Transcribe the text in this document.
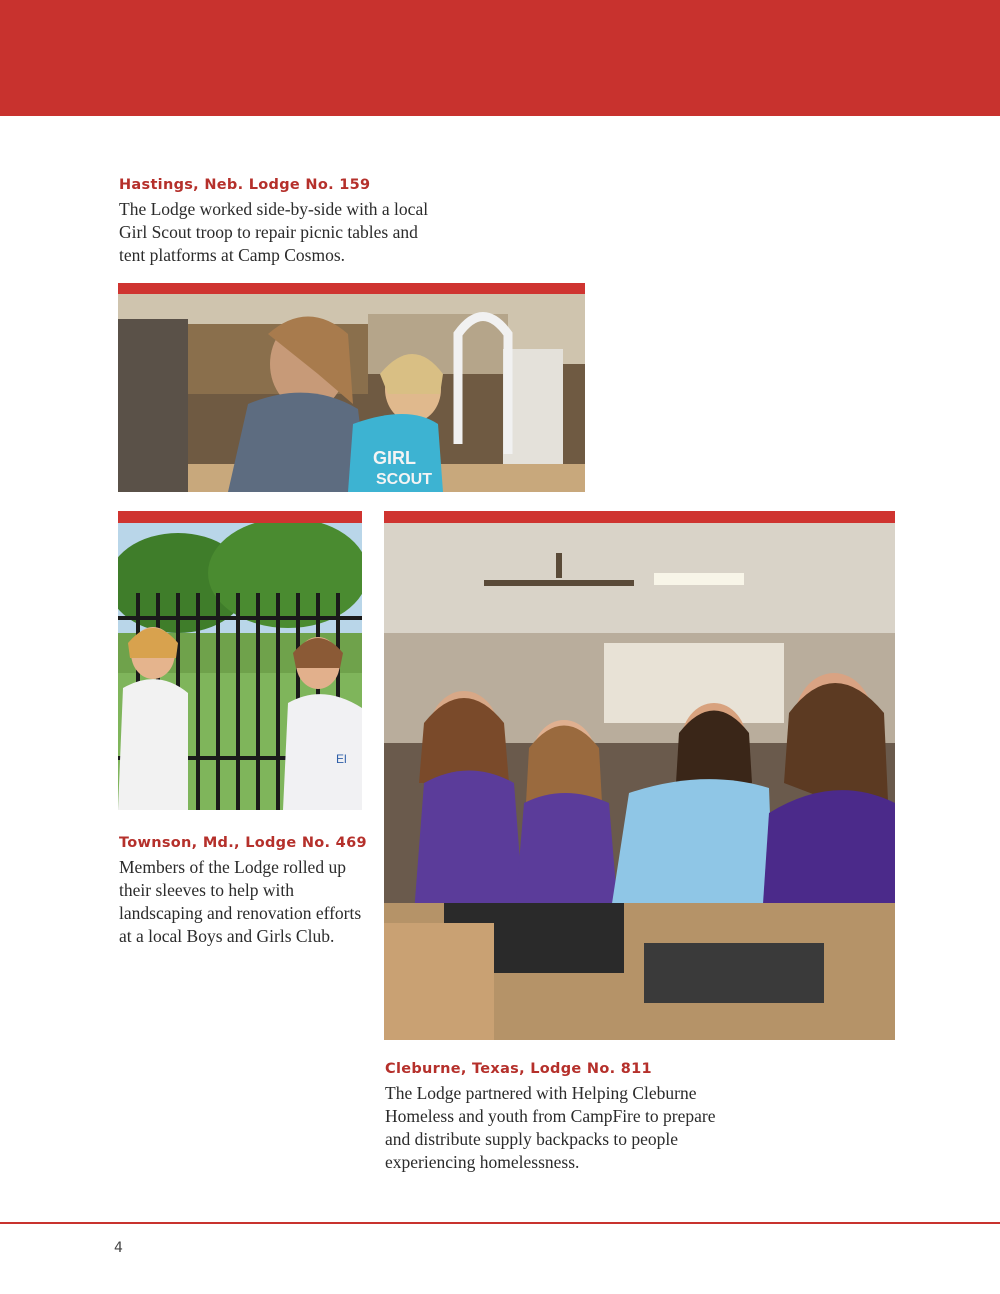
Hastings, Neb. Lodge No. 159

The Lodge worked side-by-side with a local
Girl Scout troop to repair picnic tables and
tent platforms at Camp Cosmos.

GIRL
SCOUT
El
Townson, Md., Lodge No. 469

Members of the Lodge rolled up
their sleeves to help with
landscaping and renovation efforts
at a local Boys and Girls Club.

Cleburne, Texas, Lodge No. 811

The Lodge partnered with Helping Cleburne
Homeless and youth from CampFire to prepare
and distribute supply backpacks to people
experiencing homelessness.

4
